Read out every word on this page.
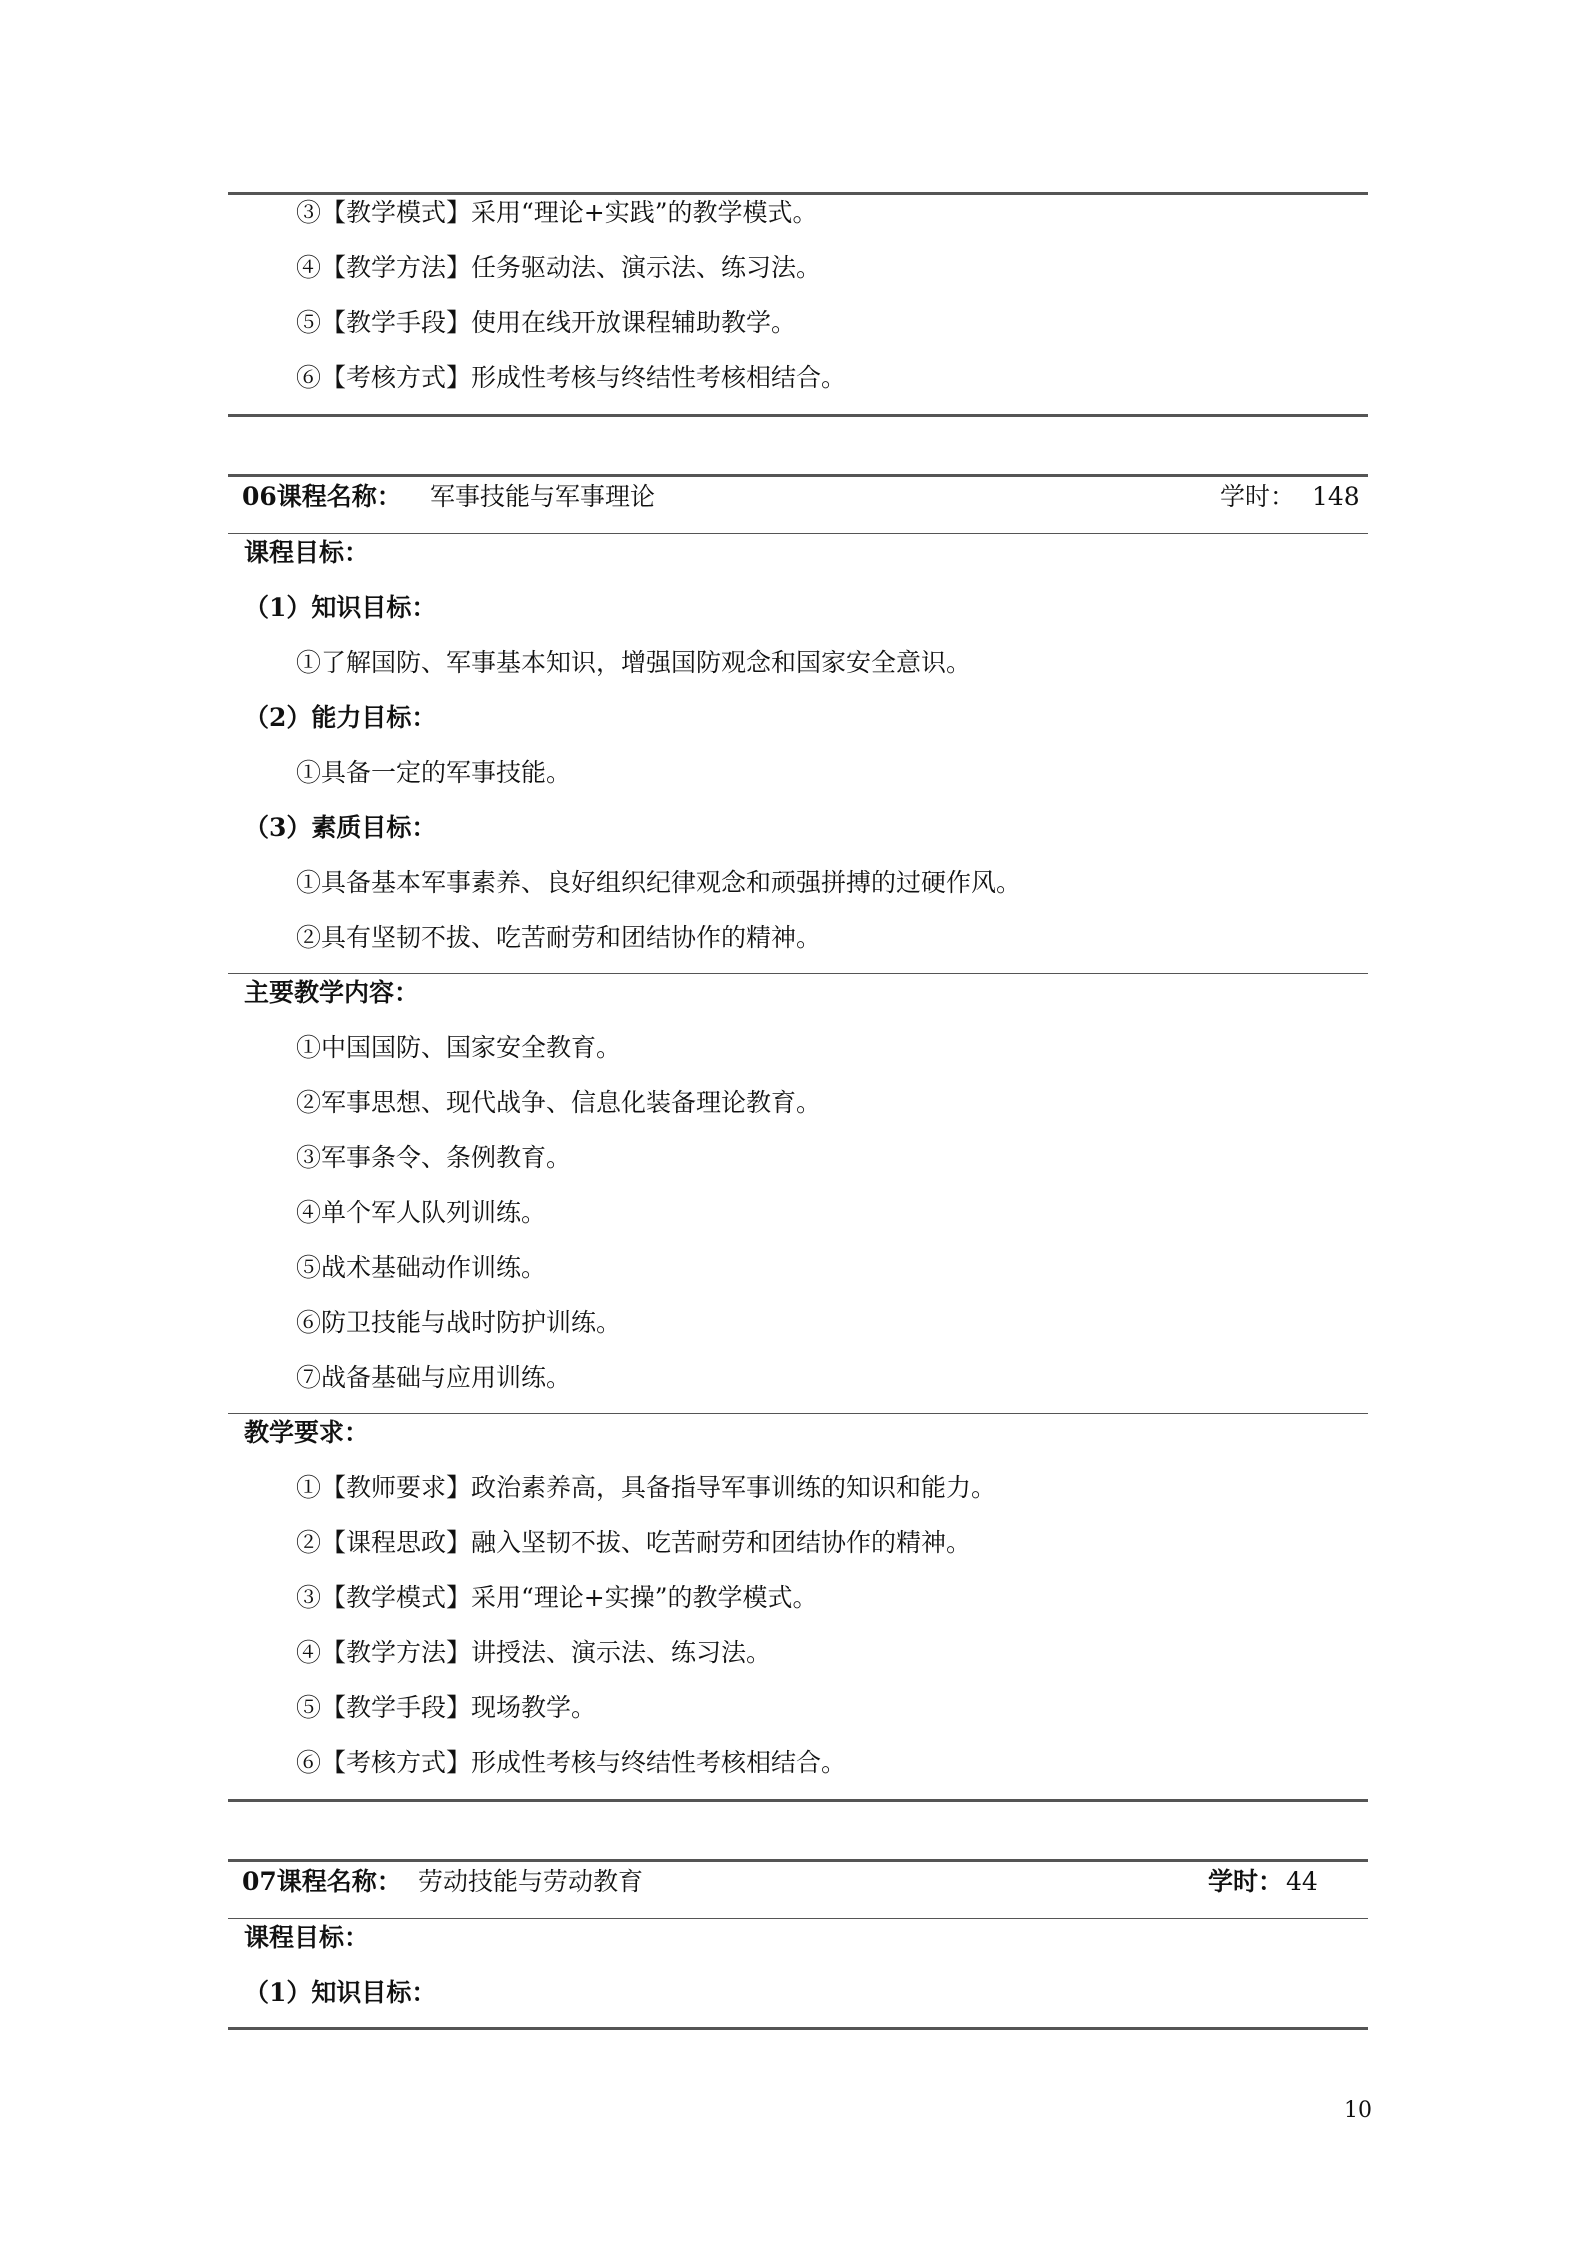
③【教学模式】采用“理论+实践”的教学模式。
④【教学方法】任务驱动法、演示法、练习法。
⑤【教学手段】使用在线开放课程辅助教学。
⑥【考核方式】形成性考核与终结性考核相结合。
06课程名称： 军事技能与军事理论	学时： 148
课程目标：
（1）知识目标：
①了解国防、军事基本知识，增强国防观念和国家安全意识。
（2）能力目标：
①具备一定的军事技能。
（3）素质目标：
①具备基本军事素养、良好组织纪律观念和顽强拼搏的过硬作风。
②具有坚韧不拔、吃苦耐劳和团结协作的精神。
主要教学内容：
①中国国防、国家安全教育。
②军事思想、现代战争、信息化装备理论教育。
③军事条令、条例教育。
④单个军人队列训练。
⑤战术基础动作训练。
⑥防卫技能与战时防护训练。
⑦战备基础与应用训练。
教学要求：
①【教师要求】政治素养高，具备指导军事训练的知识和能力。
②【课程思政】融入坚韧不拔、吃苦耐劳和团结协作的精神。
③【教学模式】采用“理论+实操”的教学模式。
④【教学方法】讲授法、演示法、练习法。
⑤【教学手段】现场教学。
⑥【考核方式】形成性考核与终结性考核相结合。
07课程名称： 劳动技能与劳动教育	学时： 44
课程目标：
（1）知识目标：
10
